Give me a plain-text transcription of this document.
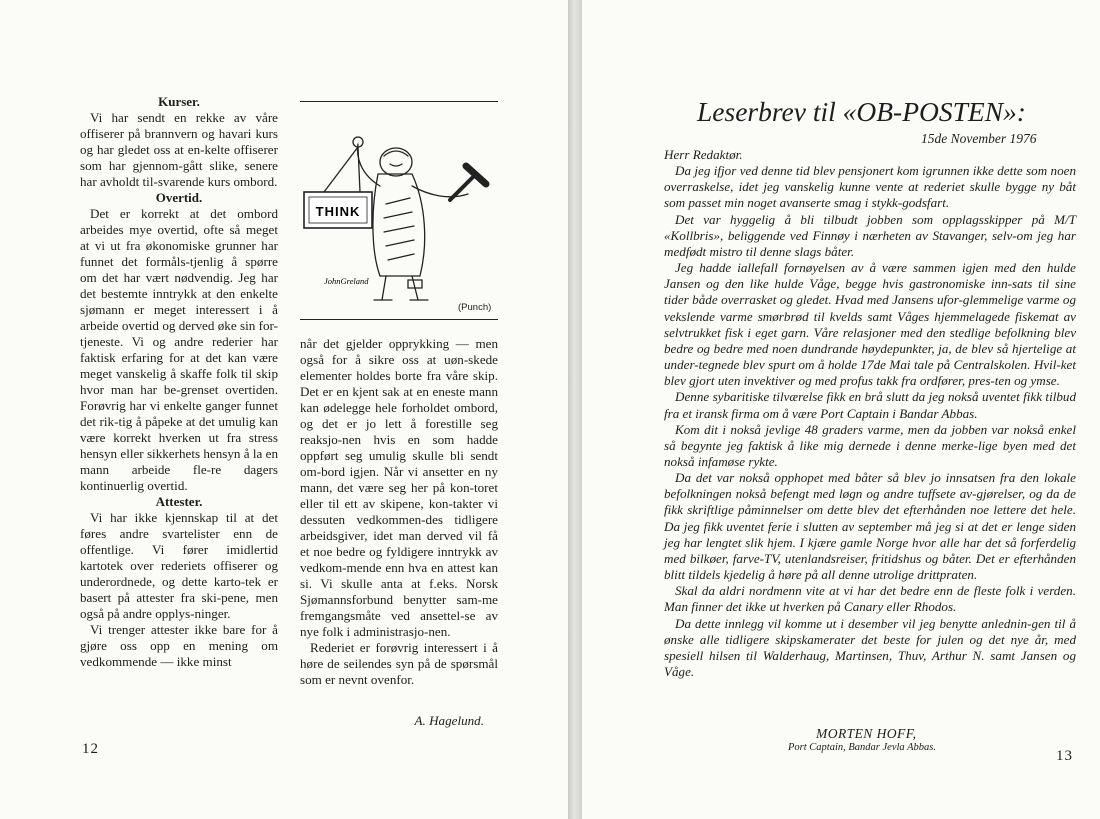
Kurser.

Vi har sendt en rekke av våre offiserer på brannvern og havari kurs og har gledet oss at en-kelte offiserer som har gjennom-gått slike, senere har avholdt til-svarende kurs ombord.

Overtid.

Det er korrekt at det ombord arbeides mye overtid, ofte så meget at vi ut fra økonomiske grunner har funnet det formåls-tjenlig å spørre om det har vært nødvendig. Jeg har det bestemte inntrykk at den enkelte sjømann er meget interessert i å arbeide overtid og derved øke sin for-tjeneste. Vi og andre rederier har faktisk erfaring for at det kan være meget vanskelig å skaffe folk til skip hvor man har be-grenset overtiden. Forøvrig har vi enkelte ganger funnet det rik-tig å påpeke at det umulig kan være korrekt hverken ut fra stress hensyn eller sikkerhets hensyn å la en mann arbeide fle-re dagers kontinuerlig overtid.

Attester.

Vi har ikke kjennskap til at det føres andre svartelister enn de offentlige. Vi fører imidlertid kartotek over rederiets offiserer og underordnede, og dette karto-tek er basert på attester fra ski-pene, men også på andre opplys-ninger.

Vi trenger attester ikke bare for å gjøre oss opp en mening om vedkommende — ikke minst

THINK
JohnGreland
(Punch)

når det gjelder opprykking — men også for å sikre oss at uøn-skede elementer holdes borte fra våre skip. Det er en kjent sak at en eneste mann kan ødelegge hele forholdet ombord, og det er jo lett å forestille seg reaksjo-nen hvis en som hadde oppført seg umulig skulle bli sendt om-bord igjen. Når vi ansetter en ny mann, det være seg her på kon-toret eller til ett av skipene, kon-takter vi dessuten vedkommen-des tidligere arbeidsgiver, idet man derved vil få et noe bedre og fyldigere inntrykk av vedkom-mende enn hva en attest kan si. Vi skulle anta at f.eks. Norsk Sjømannsforbund benytter sam-me fremgangsmåte ved ansettel-se av nye folk i administrasjo-nen.

Rederiet er forøvrig interessert i å høre de seilendes syn på de spørsmål som er nevnt ovenfor.

A. Hagelund.
12
Leserbrev til «OB-POSTEN»:
15de November 1976

Herr Redaktør.

Da jeg ifjor ved denne tid blev pensjonert kom igrunnen ikke dette som noen overraskelse, idet jeg vanskelig kunne vente at rederiet skulle bygge ny båt som passet min noget avanserte smag i stykk-godsfart.

Det var hyggelig å bli tilbudt jobben som opplagsskipper på M/T «Kollbris», beliggende ved Finnøy i nærheten av Stavanger, selv-om jeg har medfødt mistro til denne slags båter.

Jeg hadde iallefall fornøyelsen av å være sammen igjen med den hulde Jansen og den like hulde Våge, begge hvis gastronomiske inn-sats til sine tider både overrasket og gledet. Hvad med Jansens ufor-glemmelige varme og vekslende varme smørbrød til kvelds samt Våges hjemmelagede fiskemat av selvtrukket fisk i eget garn. Våre relasjoner med den stedlige befolkning blev bedre og bedre med noen dundrande høydepunkter, ja, de blev så hjertelige at under-tegnede blev spurt om å holde 17de Mai tale på Centralskolen. Hvil-ket blev gjort uten invektiver og med profus takk fra ordfører, pres-ten og ymse.

Denne sybaritiske tilværelse fikk en brå slutt da jeg nokså uventet fikk tilbud fra et iransk firma om å være Port Captain i Bandar Abbas.

Kom dit i nokså jevlige 48 graders varme, men da jobben var nokså enkel så begynte jeg faktisk å like mig dernede i denne merke-lige byen med det nokså infamøse rykte.

Da det var nokså opphopet med båter så blev jo innsatsen fra den lokale befolkningen nokså befengt med løgn og andre tuffsete av-gjørelser, og da de fikk skriftlige påminnelser om dette blev det efterhånden noe lettere det hele. Da jeg fikk uventet ferie i slutten av september må jeg si at det er lenge siden jeg har lengtet slik hjem. I kjære gamle Norge hvor alle har det så forferdelig med bilkøer, farve-TV, utenlandsreiser, fritidshus og båter. Det er efterhånden blitt tildels kjedelig å høre på all denne utrolige drittpraten.

Skal da aldri nordmenn vite at vi har det bedre enn de fleste folk i verden. Man finner det ikke ut hverken på Canary eller Rhodos.

Da dette innlegg vil komme ut i desember vil jeg benytte anlednin-gen til å ønske alle tidligere skipskamerater det beste for julen og det nye år, med spesiell hilsen til Walderhaug, Martinsen, Thuv, Arthur N. samt Jansen og Våge.

MORTEN HOFF,
Port Captain, Bandar Jevla Abbas.
13
